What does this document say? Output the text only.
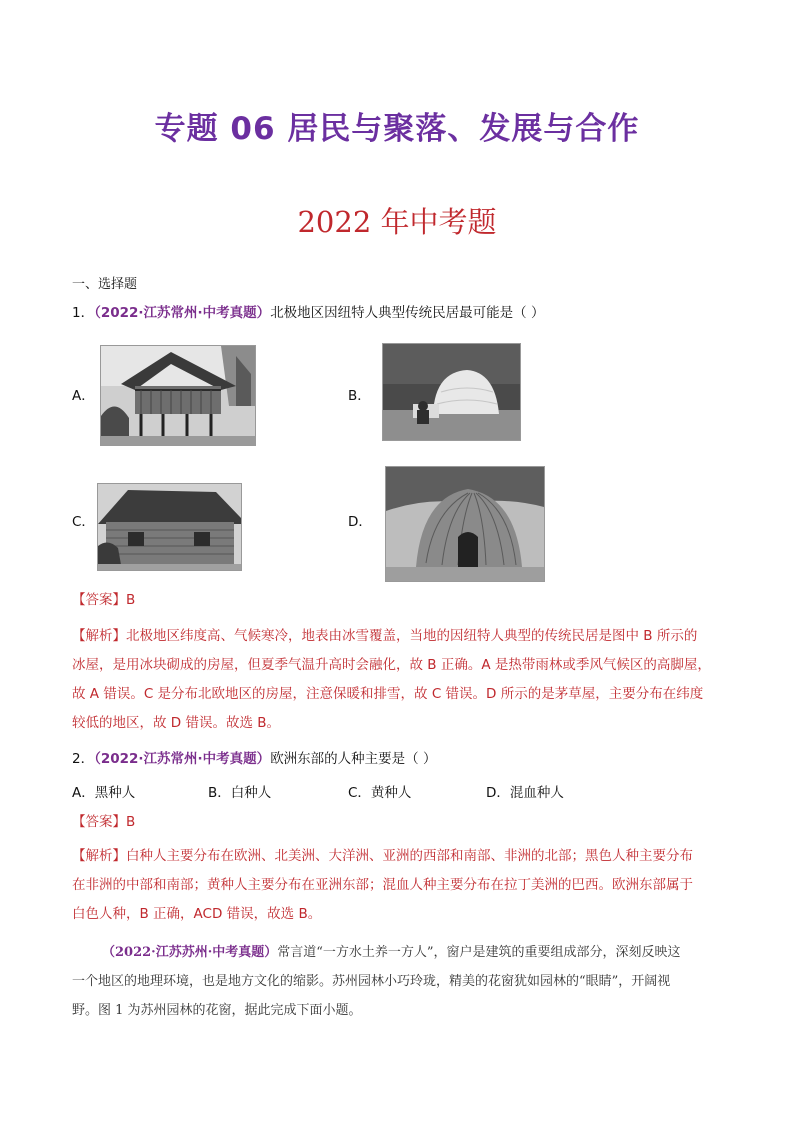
专题 06 居民与聚落、发展与合作
2022 年中考题
一、选择题
1．（2022·江苏常州·中考真题）北极地区因纽特人典型传统民居最可能是（ ）
A．	B．
C．	D．
【答案】B
【解析】北极地区纬度高、气候寒冷，地表由冰雪覆盖，当地的因纽特人典型的传统民居是图中 B 所示的
冰屋，是用冰块砌成的房屋，但夏季气温升高时会融化，故 B 正确。A 是热带雨林或季风气候区的高脚屋，
故 A 错误。C 是分布北欧地区的房屋，注意保暖和排雪，故 C 错误。D 所示的是茅草屋，主要分布在纬度
较低的地区，故 D 错误。故选 B。
2．（2022·江苏常州·中考真题）欧洲东部的人种主要是（ ）
A．黑种人	B．白种人	C．黄种人	D．混血种人
【答案】B
【解析】白种人主要分布在欧洲、北美洲、大洋洲、亚洲的西部和南部、非洲的北部；黑色人种主要分布
在非洲的中部和南部；黄种人主要分布在亚洲东部；混血人种主要分布在拉丁美洲的巴西。欧洲东部属于
白色人种，B 正确，ACD 错误，故选 B。
（2022·江苏苏州·中考真题）常言道“一方水土养一方人”，窗户是建筑的重要组成部分，深刻反映这
一个地区的地理环境，也是地方文化的缩影。苏州园林小巧玲珑，精美的花窗犹如园林的“眼睛”，开阔视
野。图 1 为苏州园林的花窗，据此完成下面小题。
